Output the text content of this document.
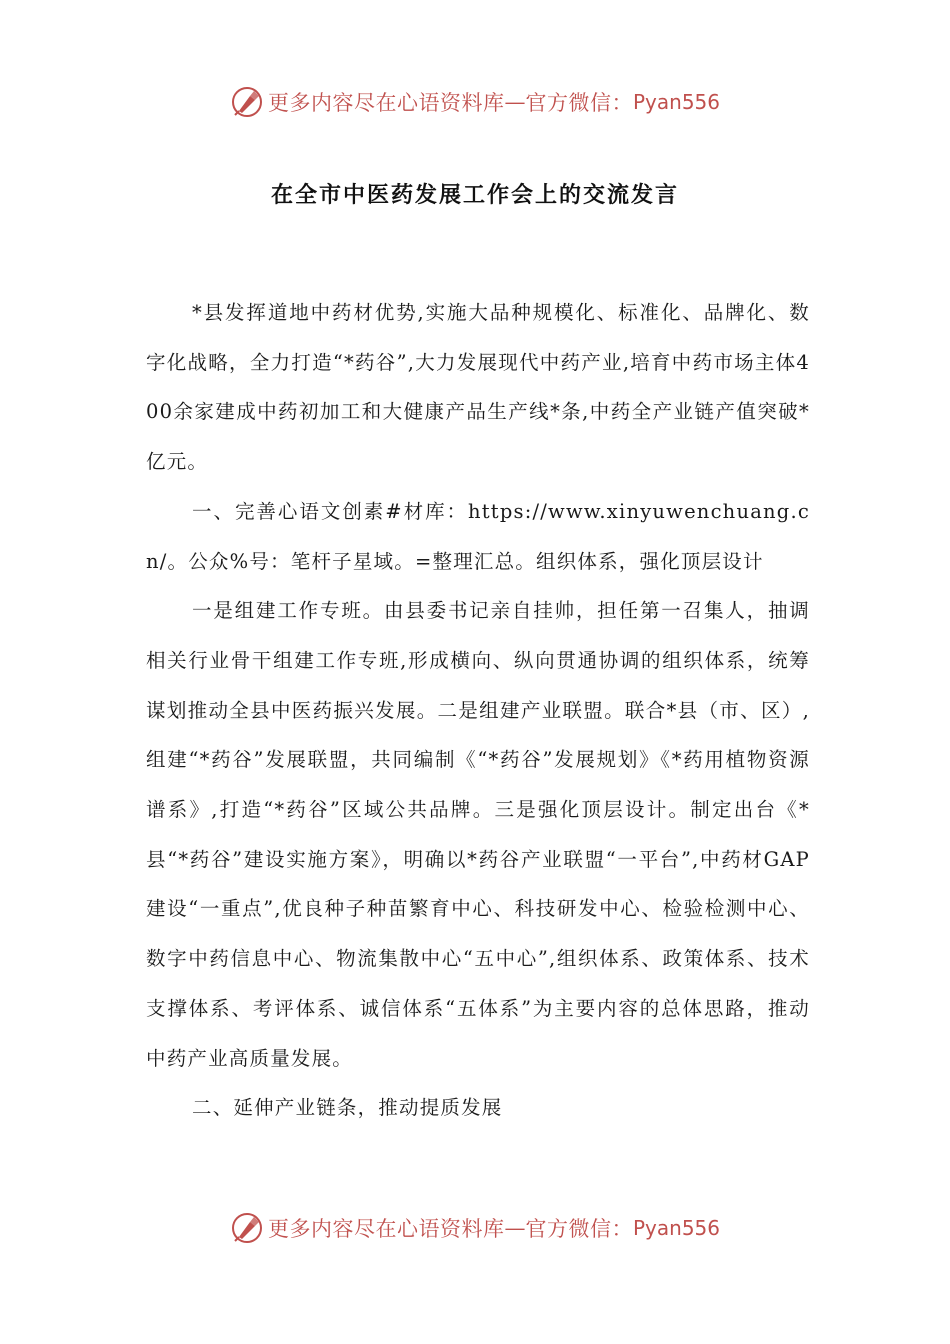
更多内容尽在心语资料库 — 官方微信： Pyan556
在全市中医药发展工作会上的交流发言

*县发挥道地中药材优势,实施大品种规模化、标准化、品牌化、数字化战略，全力打造“*药谷”,大力发展现代中药产业,培育中药市场主体400余家建成中药初加工和大健康产品生产线*条,中药全产业链产值突破*亿元。

一、完善心语文创素#材库：https://www.xinyuwenchuang.cn/。公众%号：笔杆子星域。=整理汇总。组织体系，强化顶层设计

一是组建工作专班。由县委书记亲自挂帅，担任第一召集人，抽调相关行业骨干组建工作专班,形成横向、纵向贯通协调的组织体系，统筹谋划推动全县中医药振兴发展。二是组建产业联盟。联合*县（市、区）,组建“*药谷”发展联盟，共同编制《“*药谷”发展规划》《*药用植物资源谱系》,打造“*药谷”区域公共品牌。三是强化顶层设计。制定出台《*县“*药谷”建设实施方案》，明确以*药谷产业联盟“一平台”,中药材GAP建设“一重点”,优良种子种苗繁育中心、科技研发中心、检验检测中心、数字中药信息中心、物流集散中心“五中心”,组织体系、政策体系、技术支撑体系、考评体系、诚信体系“五体系”为主要内容的总体思路，推动中药产业高质量发展。

二、延伸产业链条，推动提质发展

更多内容尽在心语资料库 — 官方微信： Pyan556
